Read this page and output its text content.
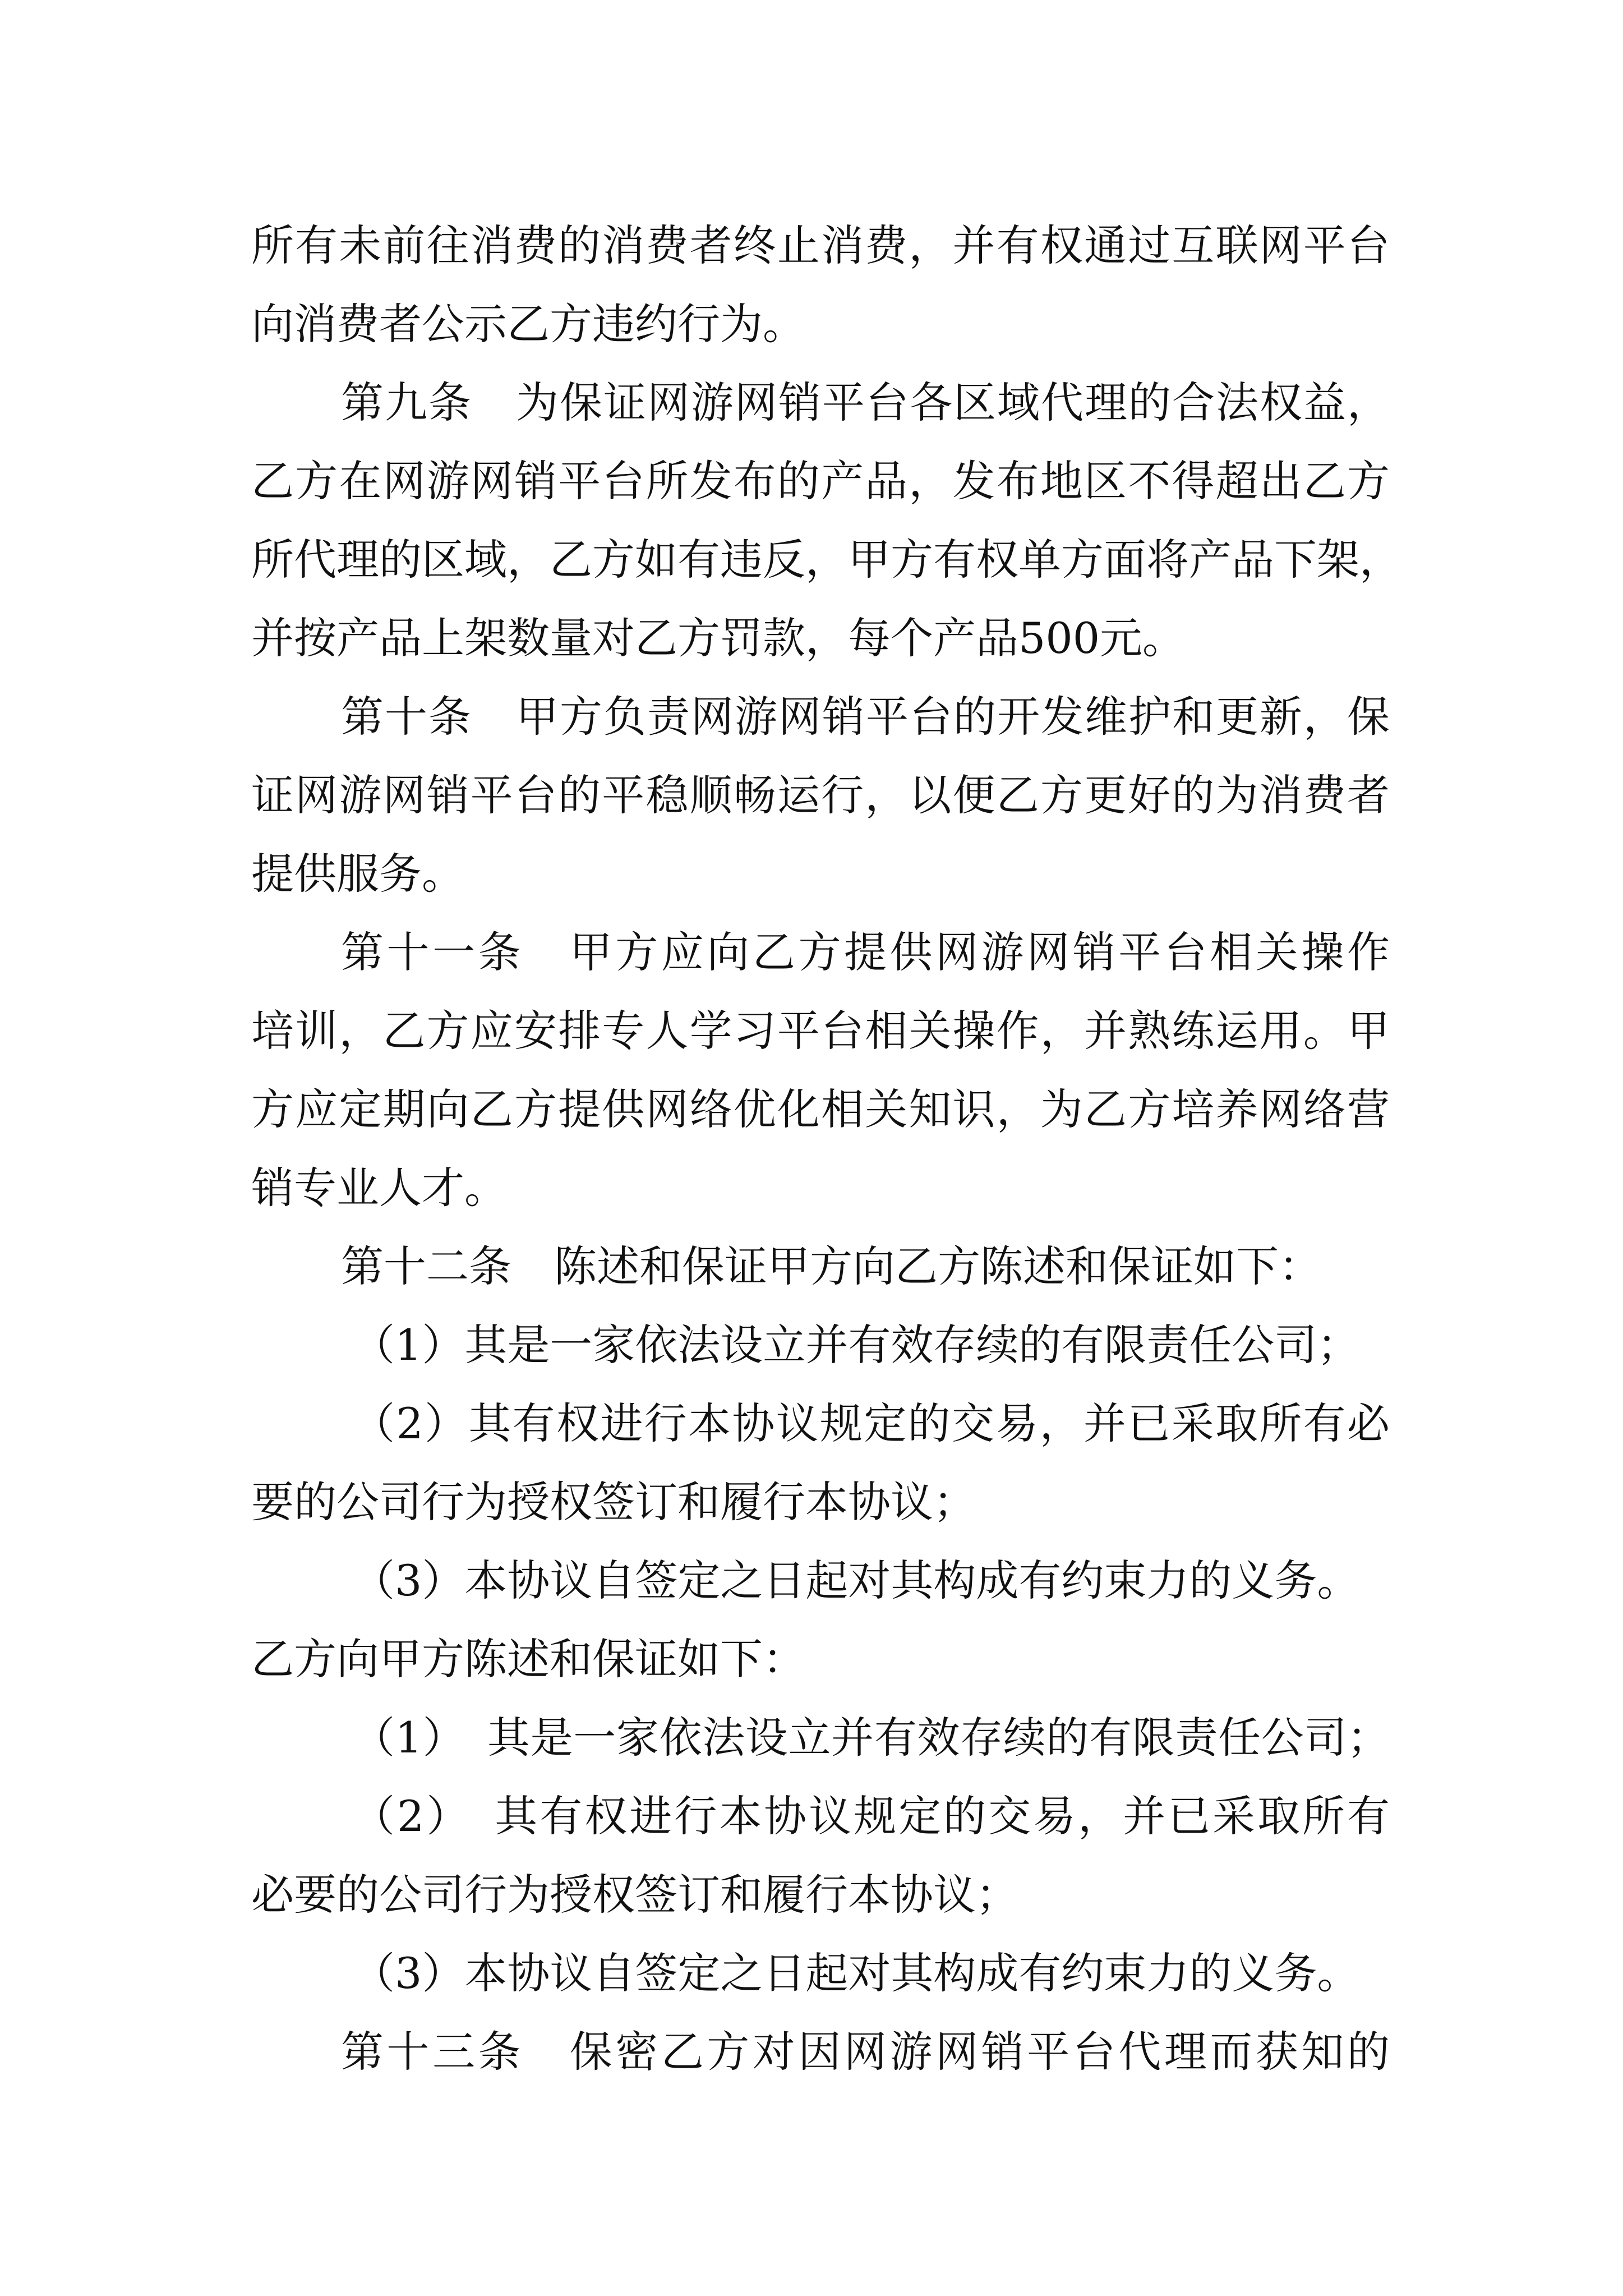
所有未前往消费的消费者终止消费，并有权通过互联网平台

向消费者公示乙方违约行为。

第九条　为保证网游网销平台各区域代理的合法权益，

乙方在网游网销平台所发布的产品，发布地区不得超出乙方

所代理的区域，乙方如有违反，甲方有权单方面将产品下架，

并按产品上架数量对乙方罚款，每个产品500元。

第十条　甲方负责网游网销平台的开发维护和更新，保

证网游网销平台的平稳顺畅运行，以便乙方更好的为消费者

提供服务。

第十一条　甲方应向乙方提供网游网销平台相关操作

培训，乙方应安排专人学习平台相关操作，并熟练运用。甲

方应定期向乙方提供网络优化相关知识，为乙方培养网络营

销专业人才。

第十二条　陈述和保证甲方向乙方陈述和保证如下：

（1）其是一家依法设立并有效存续的有限责任公司；

（2）其有权进行本协议规定的交易，并已采取所有必

要的公司行为授权签订和履行本协议；

（3）本协议自签定之日起对其构成有约束力的义务。

乙方向甲方陈述和保证如下：

（1）　其是一家依法设立并有效存续的有限责任公司；

（2）　其有权进行本协议规定的交易，并已采取所有

必要的公司行为授权签订和履行本协议；

（3）本协议自签定之日起对其构成有约束力的义务。

第十三条　保密乙方对因网游网销平台代理而获知的
